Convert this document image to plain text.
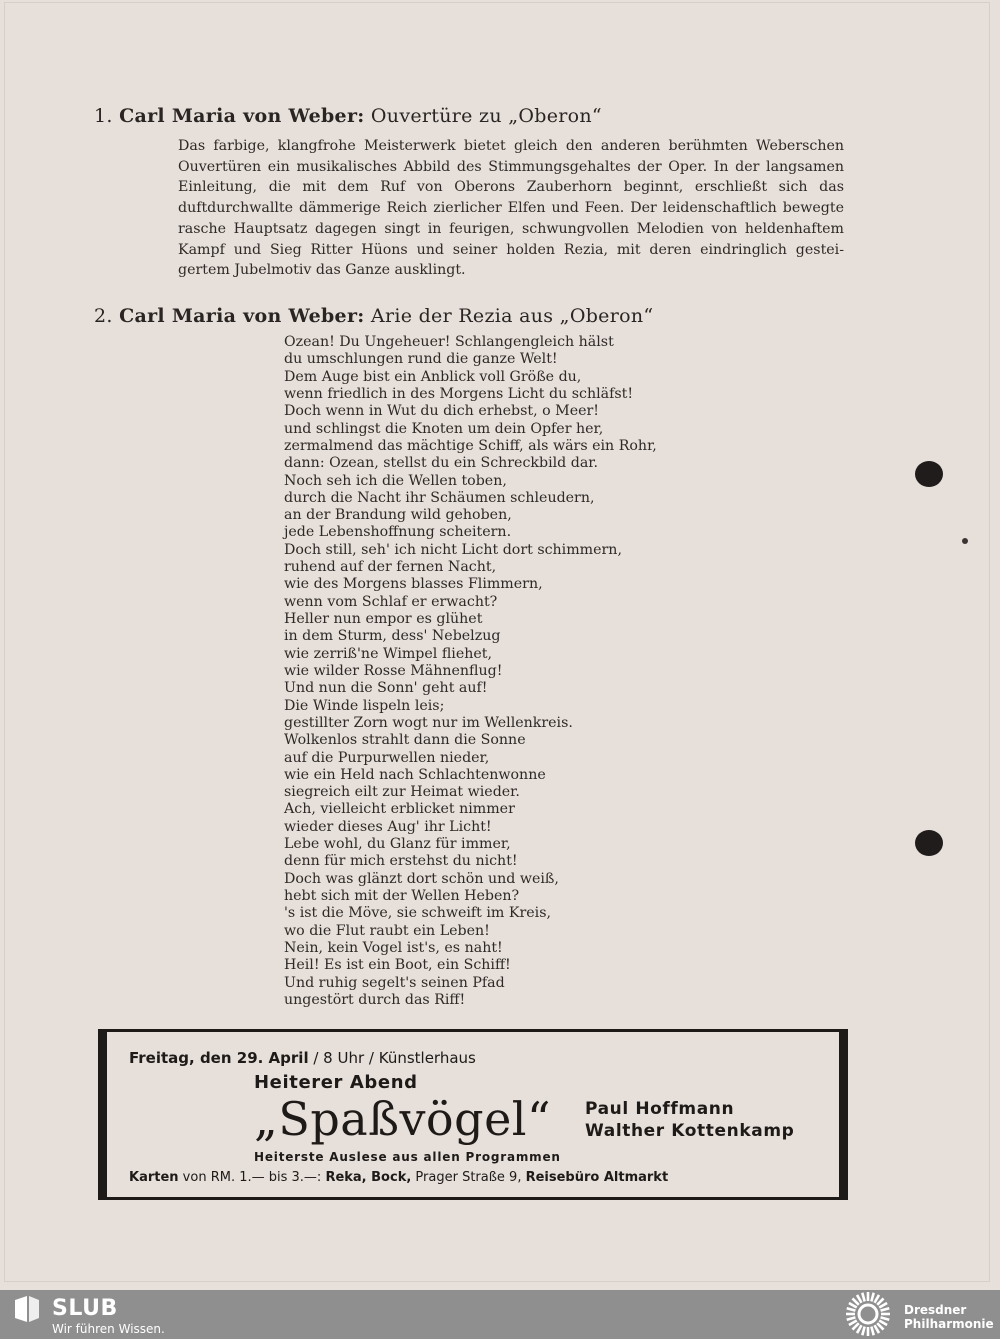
1. Carl Maria von Weber: Ouvertüre zu „Oberon“
Das farbige, klangfrohe Meisterwerk bietet gleich den anderen berühmten Weberschen
Ouvertüren ein musikalisches Abbild des Stimmungsgehaltes der Oper. In der langsamen
Einleitung, die mit dem Ruf von Oberons Zauberhorn beginnt, erschließt sich das
duftdurchwallte dämmerige Reich zierlicher Elfen und Feen. Der leidenschaftlich bewegte
rasche Hauptsatz dagegen singt in feurigen, schwungvollen Melodien von heldenhaftem
Kampf und Sieg Ritter Hüons und seiner holden Rezia, mit deren eindringlich gestei-
gertem Jubelmotiv das Ganze ausklingt.
2. Carl Maria von Weber: Arie der Rezia aus „Oberon“
Ozean! Du Ungeheuer! Schlangengleich hälst
du umschlungen rund die ganze Welt!
Dem Auge bist ein Anblick voll Größe du,
wenn friedlich in des Morgens Licht du schläfst!
Doch wenn in Wut du dich erhebst, o Meer!
und schlingst die Knoten um dein Opfer her,
zermalmend das mächtige Schiff, als wärs ein Rohr,
dann: Ozean, stellst du ein Schreckbild dar.
Noch seh ich die Wellen toben,
durch die Nacht ihr Schäumen schleudern,
an der Brandung wild gehoben,
jede Lebenshoffnung scheitern.
Doch still, seh' ich nicht Licht dort schimmern,
ruhend auf der fernen Nacht,
wie des Morgens blasses Flimmern,
wenn vom Schlaf er erwacht?
Heller nun empor es glühet
in dem Sturm, dess' Nebelzug
wie zerriß'ne Wimpel fliehet,
wie wilder Rosse Mähnenflug!
Und nun die Sonn' geht auf!
Die Winde lispeln leis;
gestillter Zorn wogt nur im Wellenkreis.
Wolkenlos strahlt dann die Sonne
auf die Purpurwellen nieder,
wie ein Held nach Schlachtenwonne
siegreich eilt zur Heimat wieder.
Ach, vielleicht erblicket nimmer
wieder dieses Aug' ihr Licht!
Lebe wohl, du Glanz für immer,
denn für mich erstehst du nicht!
Doch was glänzt dort schön und weiß,
hebt sich mit der Wellen Heben?
's ist die Möve, sie schweift im Kreis,
wo die Flut raubt ein Leben!
Nein, kein Vogel ist's, es naht!
Heil! Es ist ein Boot, ein Schiff!
Und ruhig segelt's seinen Pfad
ungestört durch das Riff!
Freitag, den 29. April / 8 Uhr / Künstlerhaus
Heiterer Abend
„Spaßvögel“ Paul Hoffmann
Walther Kottenkamp
Heiterste Auslese aus allen Programmen
Karten von RM. 1.— bis 3.—: Reka, Bock, Prager Straße 9, Reisebüro Altmarkt
SLUB
Wir führen Wissen.
Dresdner
Philharmonie
